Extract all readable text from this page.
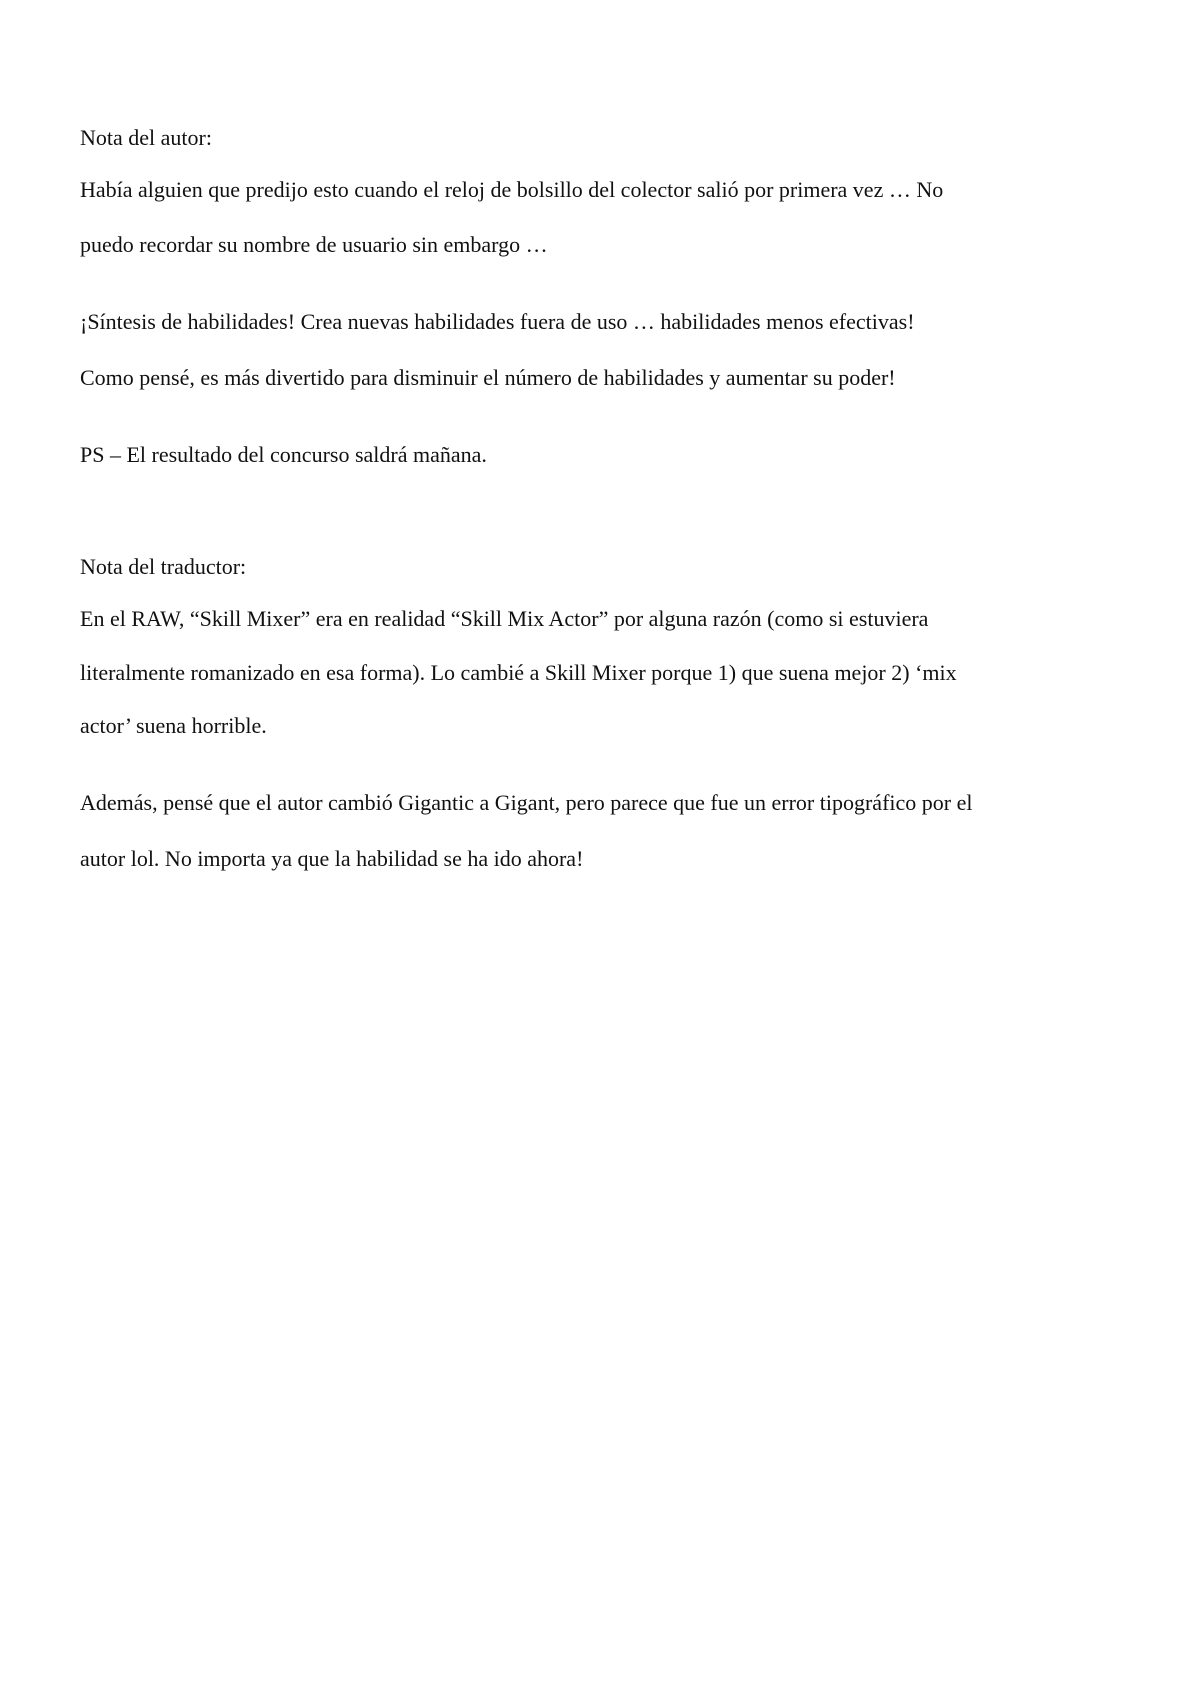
Nota del autor:

Había alguien que predijo esto cuando el reloj de bolsillo del colector salió por primera vez … No

puedo recordar su nombre de usuario sin embargo …

¡Síntesis de habilidades! Crea nuevas habilidades fuera de uso … habilidades menos efectivas!

Como pensé, es más divertido para disminuir el número de habilidades y aumentar su poder!

PS – El resultado del concurso saldrá mañana.

Nota del traductor:

En el RAW, “Skill Mixer” era en realidad “Skill Mix Actor” por alguna razón (como si estuviera

literalmente romanizado en esa forma). Lo cambié a Skill Mixer porque 1) que suena mejor 2) ‘mix

actor’ suena horrible.

Además, pensé que el autor cambió Gigantic a Gigant, pero parece que fue un error tipográfico por el

autor lol. No importa ya que la habilidad se ha ido ahora!
